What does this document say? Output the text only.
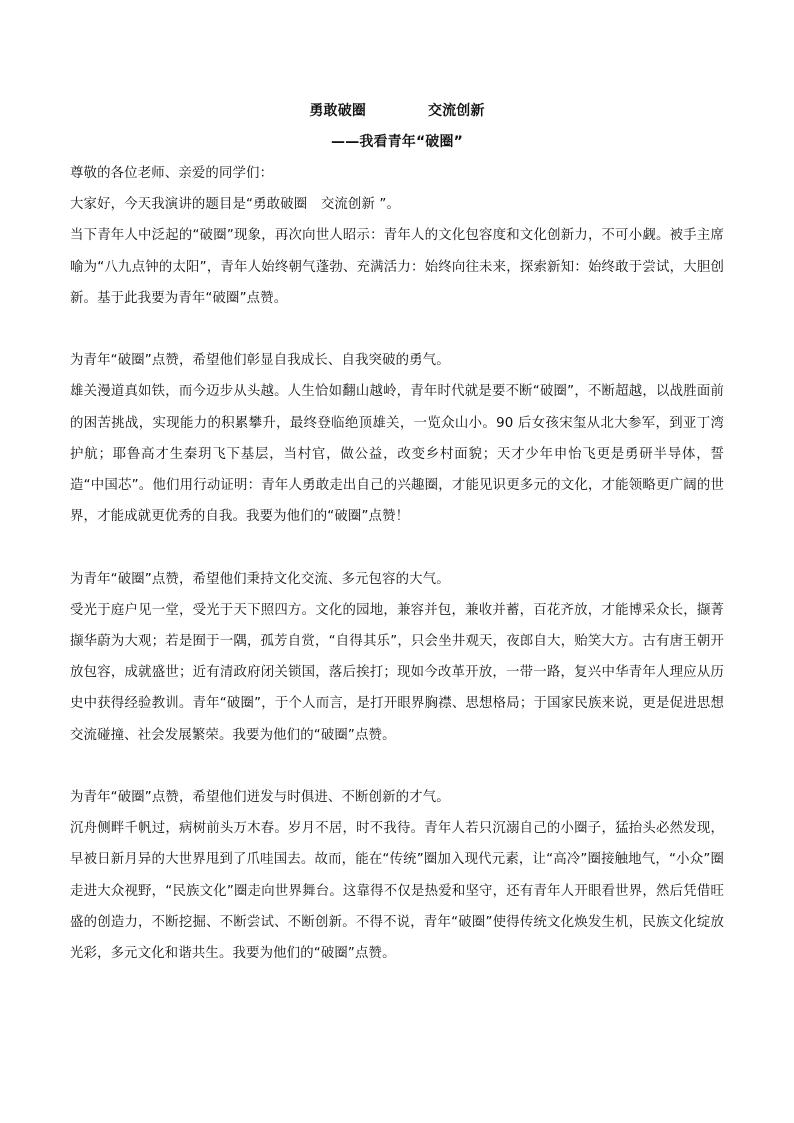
勇敢破圈	交流创新
——我看青年“破圈”

尊敬的各位老师、亲爱的同学们：

大家好，今天我演讲的题目是“勇敢破圈　交流创新 ”。

当下青年人中泛起的“破圈”现象，再次向世人昭示：青年人的文化包容度和文化创新力，不可小觑。被手主席喻为“八九点钟的太阳”，青年人始终朝气蓬勃、充满活力：始终向往未来，探索新知：始终敢于尝试，大胆创新。基于此我要为青年“破圈”点赞。

为青年“破圈”点赞，希望他们彰显自我成长、自我突破的勇气。

雄关漫道真如铁，而今迈步从头越。人生恰如翻山越岭，青年时代就是要不断“破圈”，不断超越，以战胜面前的困苦挑战，实现能力的积累攀升，最终登临绝顶雄关，一览众山小。90 后女孩宋玺从北大参军，到亚丁湾护航；耶鲁高才生秦玥飞下基层，当村官，做公益，改变乡村面貌；天才少年申怡飞更是勇研半导体，誓造“中国芯”。他们用行动证明：青年人勇敢走出自己的兴趣圈，才能见识更多元的文化，才能领略更广阔的世界，才能成就更优秀的自我。我要为他们的“破圈”点赞！

为青年“破圈”点赞，希望他们秉持文化交流、多元包容的大气。

受光于庭户见一堂，受光于天下照四方。文化的园地，兼容并包，兼收并蓄，百花齐放，才能博采众长，撷菁撷华蔚为大观；若是囿于一隅，孤芳自赏，“自得其乐”，只会坐井观天，夜郎自大，贻笑大方。古有唐王朝开放包容，成就盛世；近有清政府闭关锁国，落后挨打；现如今改革开放，一带一路，复兴中华青年人理应从历史中获得经验教训。青年“破圈”，于个人而言，是打开眼界胸襟、思想格局；于国家民族来说，更是促进思想交流碰撞、社会发展繁荣。我要为他们的“破圈”点赞。

为青年“破圈”点赞，希望他们迸发与时俱进、不断创新的才气。

沉舟侧畔千帆过，病树前头万木春。岁月不居，时不我待。青年人若只沉溺自己的小圈子，猛抬头必然发现，早被日新月异的大世界甩到了爪哇国去。故而，能在“传统”圈加入现代元素，让“高冷”圈接触地气，“小众”圈走进大众视野，“民族文化”圈走向世界舞台。这靠得不仅是热爱和坚守，还有青年人开眼看世界，然后凭借旺盛的创造力，不断挖掘、不断尝试、不断创新。不得不说，青年“破圈”使得传统文化焕发生机，民族文化绽放光彩，多元文化和谐共生。我要为他们的“破圈”点赞。
